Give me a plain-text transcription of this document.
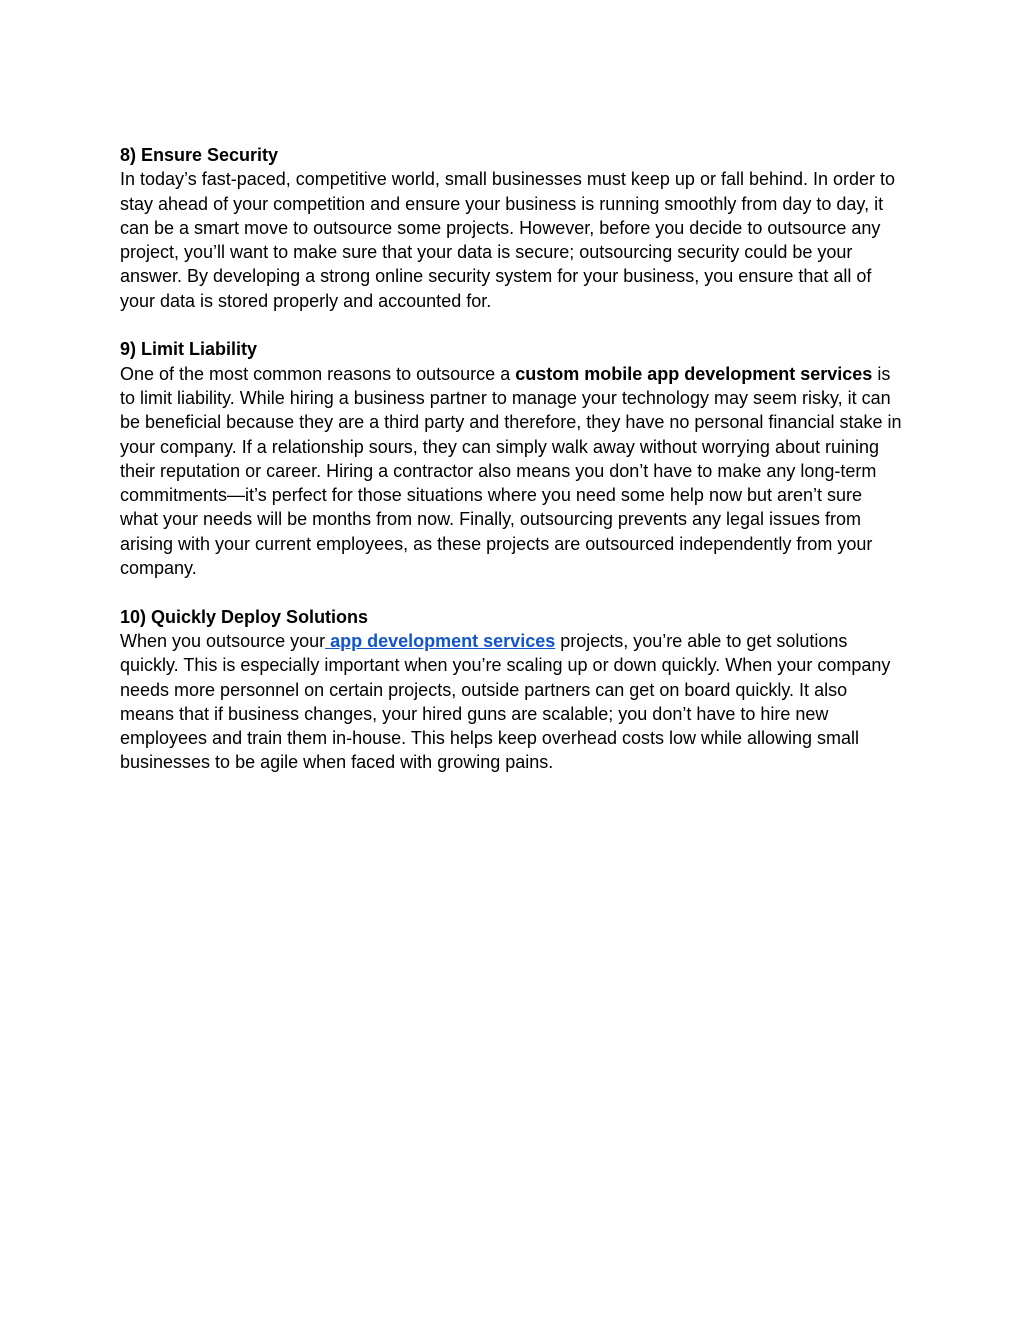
8) Ensure Security

In today’s fast-paced, competitive world, small businesses must keep up or fall behind. In order to stay ahead of your competition and ensure your business is running smoothly from day to day, it can be a smart move to outsource some projects. However, before you decide to outsource any project, you’ll want to make sure that your data is secure; outsourcing security could be your answer. By developing a strong online security system for your business, you ensure that all of your data is stored properly and accounted for.

9) Limit Liability

One of the most common reasons to outsource a custom mobile app development services is to limit liability. While hiring a business partner to manage your technology may seem risky, it can be beneficial because they are a third party and therefore, they have no personal financial stake in your company. If a relationship sours, they can simply walk away without worrying about ruining their reputation or career. Hiring a contractor also means you don’t have to make any long-term commitments—it’s perfect for those situations where you need some help now but aren’t sure what your needs will be months from now. Finally, outsourcing prevents any legal issues from arising with your current employees, as these projects are outsourced independently from your company.

10) Quickly Deploy Solutions

When you outsource your app development services projects, you’re able to get solutions quickly. This is especially important when you’re scaling up or down quickly. When your company needs more personnel on certain projects, outside partners can get on board quickly. It also means that if business changes, your hired guns are scalable; you don’t have to hire new employees and train them in-house. This helps keep overhead costs low while allowing small businesses to be agile when faced with growing pains.
